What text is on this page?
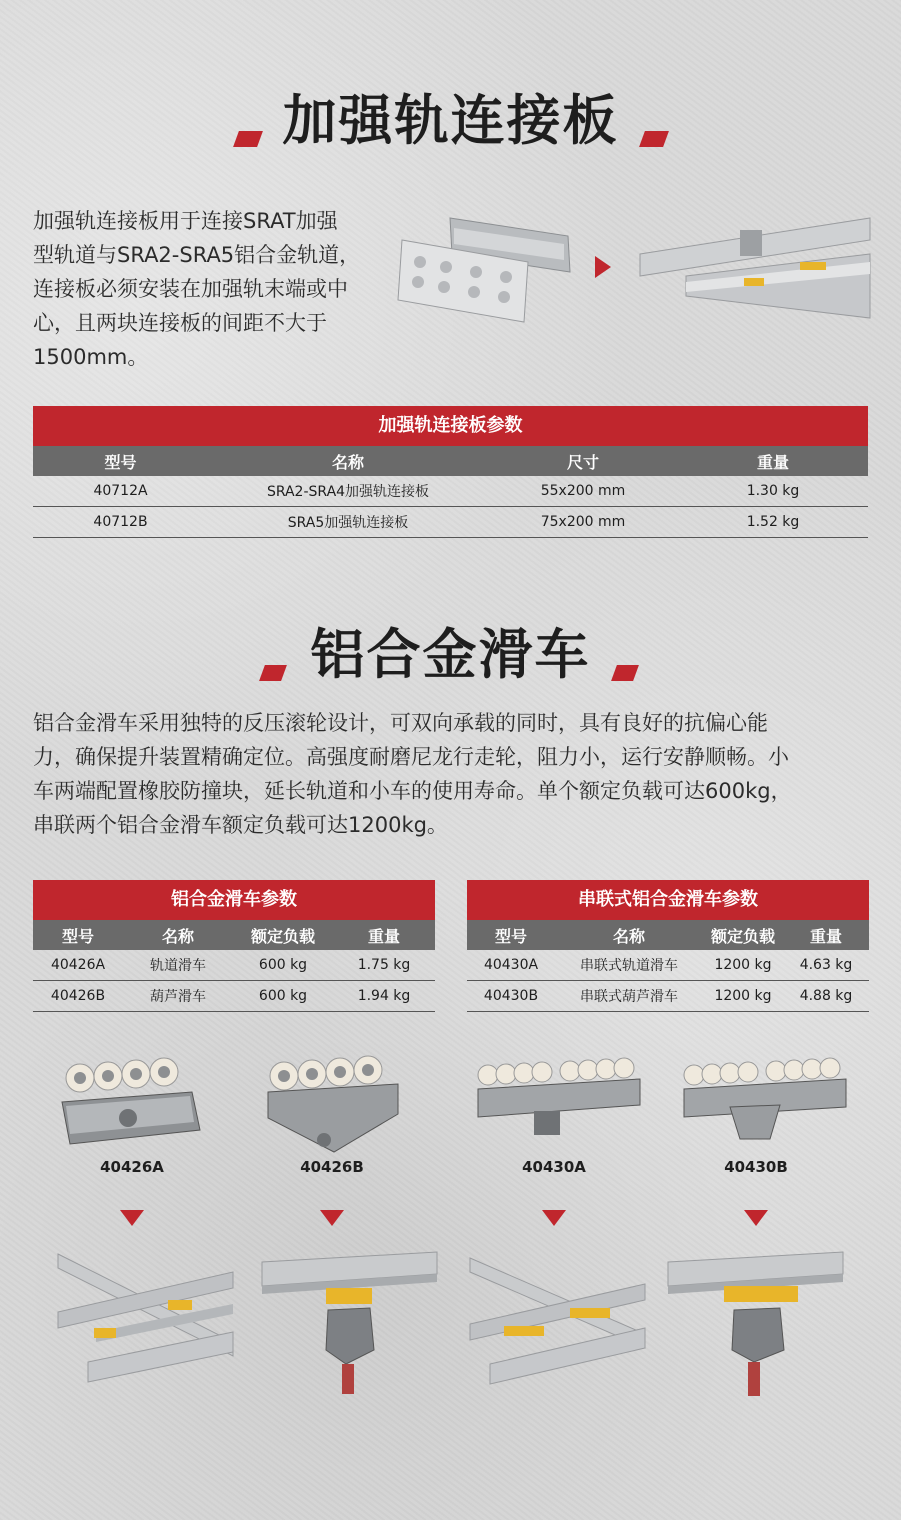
加强轨连接板
加强轨连接板用于连接SRAT加强
型轨道与SRA2-SRA5铝合金轨道，
连接板必须安装在加强轨末端或中
心，且两块连接板的间距不大于
1500mm。
加强轨连接板参数
型号	名称	尺寸	重量
40712A	SRA2-SRA4加强轨连接板	55x200 mm	1.30 kg
40712B	SRA5加强轨连接板	75x200 mm	1.52 kg
铝合金滑车
铝合金滑车采用独特的反压滚轮设计，可双向承载的同时，具有良好的抗偏心能
力，确保提升装置精确定位。高强度耐磨尼龙行走轮，阻力小，运行安静顺畅。小
车两端配置橡胶防撞块，延长轨道和小车的使用寿命。单个额定负载可达600kg，
串联两个铝合金滑车额定负载可达1200kg。
铝合金滑车参数
型号	名称	额定负载	重量
40426A	轨道滑车	600 kg	1.75 kg
40426B	葫芦滑车	600 kg	1.94 kg
串联式铝合金滑车参数
型号	名称	额定负载	重量
40430A	串联式轨道滑车	1200 kg	4.63 kg
40430B	串联式葫芦滑车	1200 kg	4.88 kg
40426A	40426B	40430A	40430B
